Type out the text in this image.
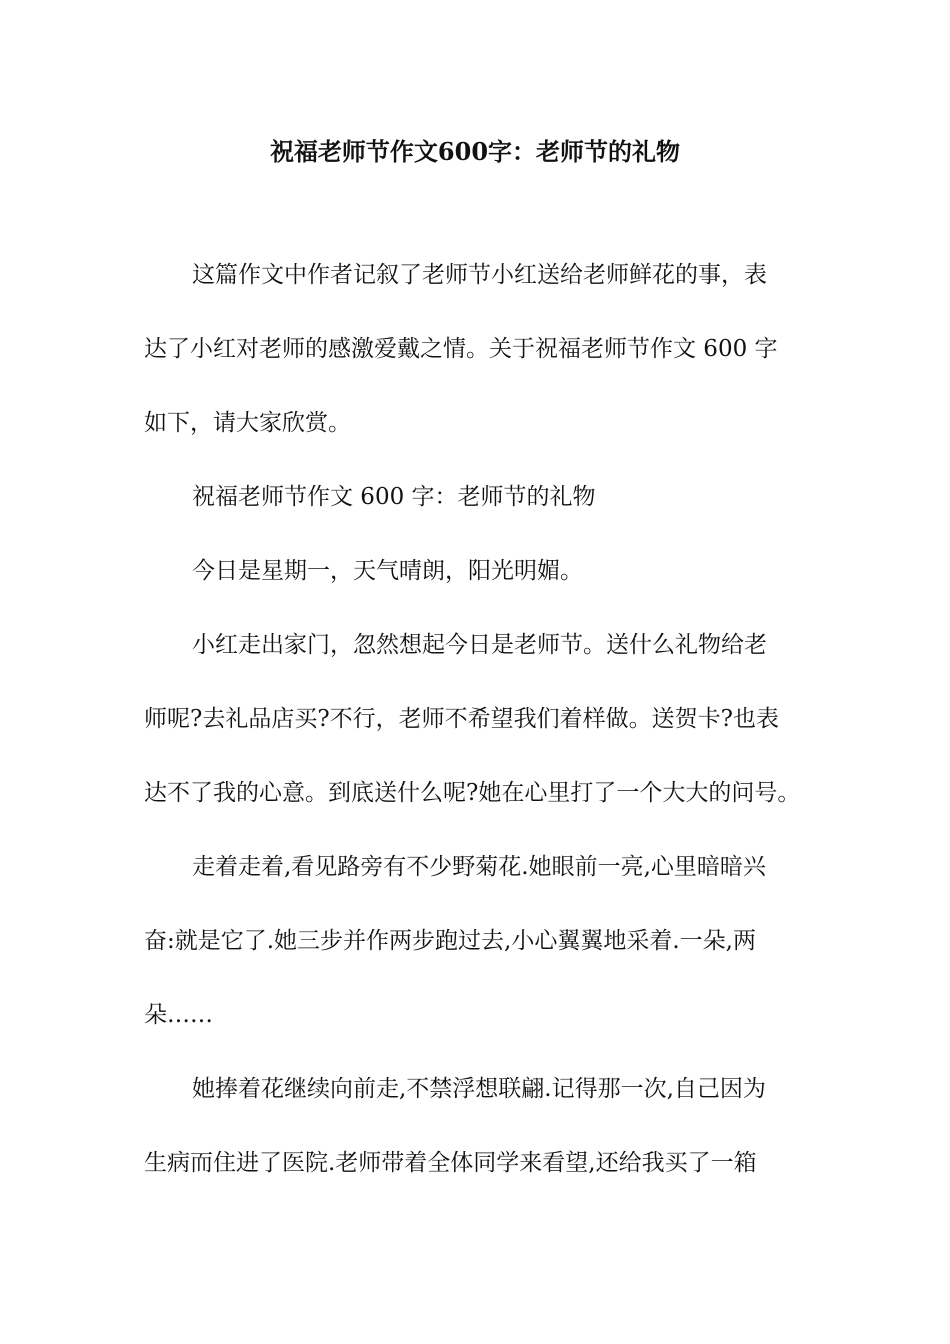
祝福老师节作文600字：老师节的礼物
这篇作文中作者记叙了老师节小红送给老师鲜花的事，表
达了小红对老师的感激爱戴之情。关于祝福老师节作文 600 字
如下，请大家欣赏。
祝福老师节作文 600 字：老师节的礼物
今日是星期一，天气晴朗，阳光明媚。
小红走出家门，忽然想起今日是老师节。送什么礼物给老
师呢?去礼品店买?不行，老师不希望我们着样做。送贺卡?也表
达不了我的心意。到底送什么呢?她在心里打了一个大大的问号。
走着走着,看见路旁有不少野菊花.她眼前一亮,心里暗暗兴
奋:就是它了.她三步并作两步跑过去,小心翼翼地采着.一朵,两
朵……
她捧着花继续向前走,不禁浮想联翩.记得那一次,自己因为
生病而住进了医院.老师带着全体同学来看望,还给我买了一箱
